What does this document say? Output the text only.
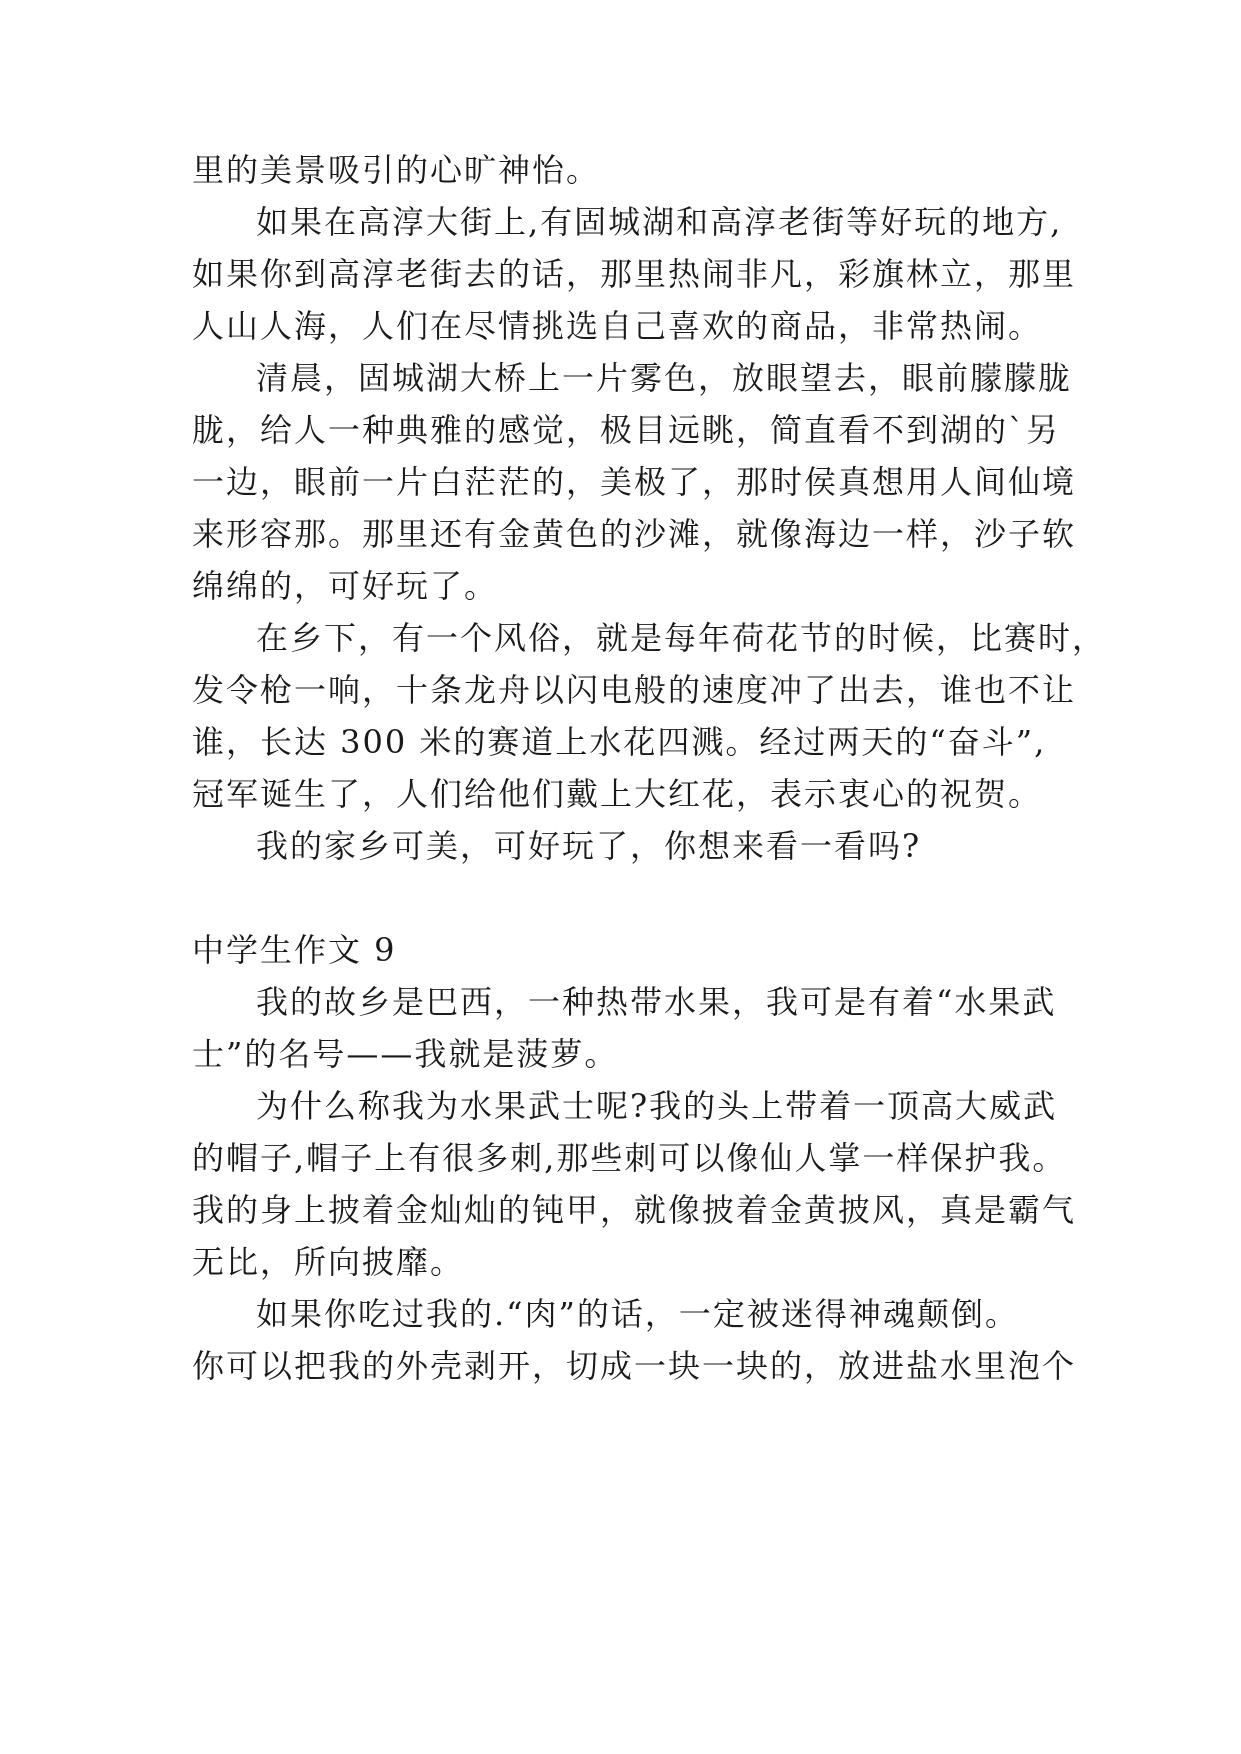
里的美景吸引的心旷神怡。
如果在高淳大街上,有固城湖和高淳老街等好玩的地方,
如果你到高淳老街去的话，那里热闹非凡，彩旗林立，那里
人山人海，人们在尽情挑选自己喜欢的商品，非常热闹。
清晨，固城湖大桥上一片雾色，放眼望去，眼前朦朦胧
胧，给人一种典雅的感觉，极目远眺，简直看不到湖的`另
一边，眼前一片白茫茫的，美极了，那时侯真想用人间仙境
来形容那。那里还有金黄色的沙滩，就像海边一样，沙子软
绵绵的，可好玩了。
在乡下，有一个风俗，就是每年荷花节的时候，比赛时，
发令枪一响，十条龙舟以闪电般的速度冲了出去，谁也不让
谁，长达 300 米的赛道上水花四溅。经过两天的“奋斗”,
冠军诞生了，人们给他们戴上大红花，表示衷心的祝贺。
我的家乡可美，可好玩了，你想来看一看吗?
中学生作文 9
我的故乡是巴西，一种热带水果，我可是有着“水果武
士”的名号——我就是菠萝。
为什么称我为水果武士呢?我的头上带着一顶高大威武
的帽子,帽子上有很多刺,那些刺可以像仙人掌一样保护我。
我的身上披着金灿灿的钝甲，就像披着金黄披风，真是霸气
无比，所向披靡。
如果你吃过我的.“肉”的话，一定被迷得神魂颠倒。
你可以把我的外壳剥开，切成一块一块的，放进盐水里泡个
